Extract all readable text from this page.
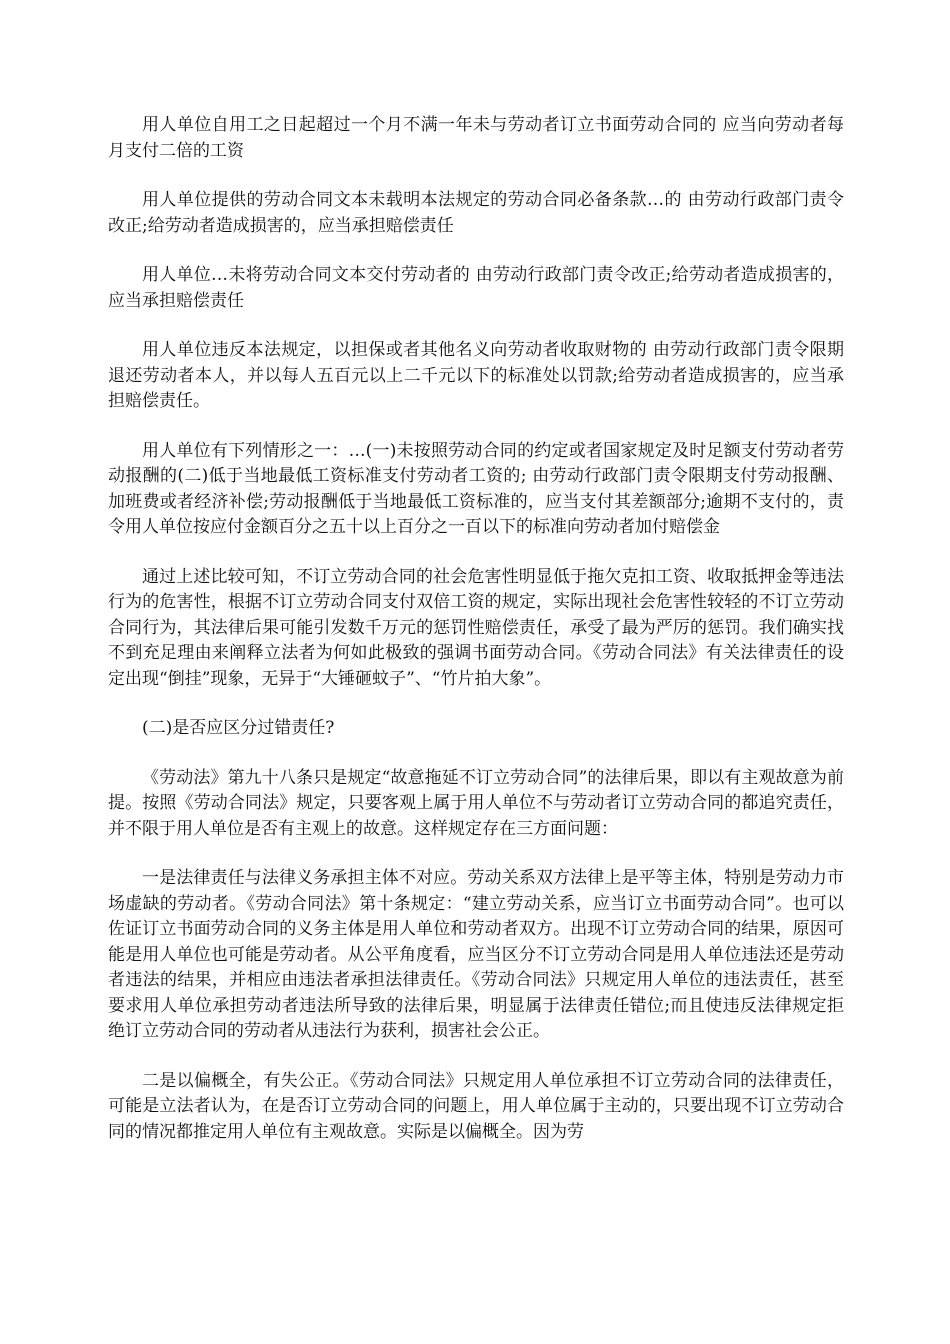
用人单位自用工之日起超过一个月不满一年未与劳动者订立书面劳动合同的 应当向劳动者每月支付二倍的工资

用人单位提供的劳动合同文本未载明本法规定的劳动合同必备条款…的 由劳动行政部门责令改正;给劳动者造成损害的，应当承担赔偿责任

用人单位…未将劳动合同文本交付劳动者的 由劳动行政部门责令改正;给劳动者造成损害的，应当承担赔偿责任

用人单位违反本法规定，以担保或者其他名义向劳动者收取财物的 由劳动行政部门责令限期退还劳动者本人，并以每人五百元以上二千元以下的标准处以罚款;给劳动者造成损害的，应当承担赔偿责任。

用人单位有下列情形之一：…(一)未按照劳动合同的约定或者国家规定及时足额支付劳动者劳动报酬的(二)低于当地最低工资标准支付劳动者工资的; 由劳动行政部门责令限期支付劳动报酬、加班费或者经济补偿;劳动报酬低于当地最低工资标准的，应当支付其差额部分;逾期不支付的，责令用人单位按应付金额百分之五十以上百分之一百以下的标准向劳动者加付赔偿金

通过上述比较可知，不订立劳动合同的社会危害性明显低于拖欠克扣工资、收取抵押金等违法行为的危害性，根据不订立劳动合同支付双倍工资的规定，实际出现社会危害性较轻的不订立劳动合同行为，其法律后果可能引发数千万元的惩罚性赔偿责任，承受了最为严厉的惩罚。我们确实找不到充足理由来阐释立法者为何如此极致的强调书面劳动合同。《劳动合同法》有关法律责任的设定出现“倒挂”现象，无异于“大锤砸蚊子”、“竹片拍大象”。

(二)是否应区分过错责任?

《劳动法》第九十八条只是规定“故意拖延不订立劳动合同”的法律后果，即以有主观故意为前提。按照《劳动合同法》规定，只要客观上属于用人单位不与劳动者订立劳动合同的都追究责任，并不限于用人单位是否有主观上的故意。这样规定存在三方面问题：

一是法律责任与法律义务承担主体不对应。劳动关系双方法律上是平等主体，特别是劳动力市场虚缺的劳动者。《劳动合同法》第十条规定：“建立劳动关系，应当订立书面劳动合同”。也可以佐证订立书面劳动合同的义务主体是用人单位和劳动者双方。出现不订立劳动合同的结果，原因可能是用人单位也可能是劳动者。从公平角度看，应当区分不订立劳动合同是用人单位违法还是劳动者违法的结果，并相应由违法者承担法律责任。《劳动合同法》只规定用人单位的违法责任，甚至要求用人单位承担劳动者违法所导致的法律后果，明显属于法律责任错位;而且使违反法律规定拒绝订立劳动合同的劳动者从违法行为获利，损害社会公正。

二是以偏概全，有失公正。《劳动合同法》只规定用人单位承担不订立劳动合同的法律责任，可能是立法者认为，在是否订立劳动合同的问题上，用人单位属于主动的，只要出现不订立劳动合同的情况都推定用人单位有主观故意。实际是以偏概全。因为劳
